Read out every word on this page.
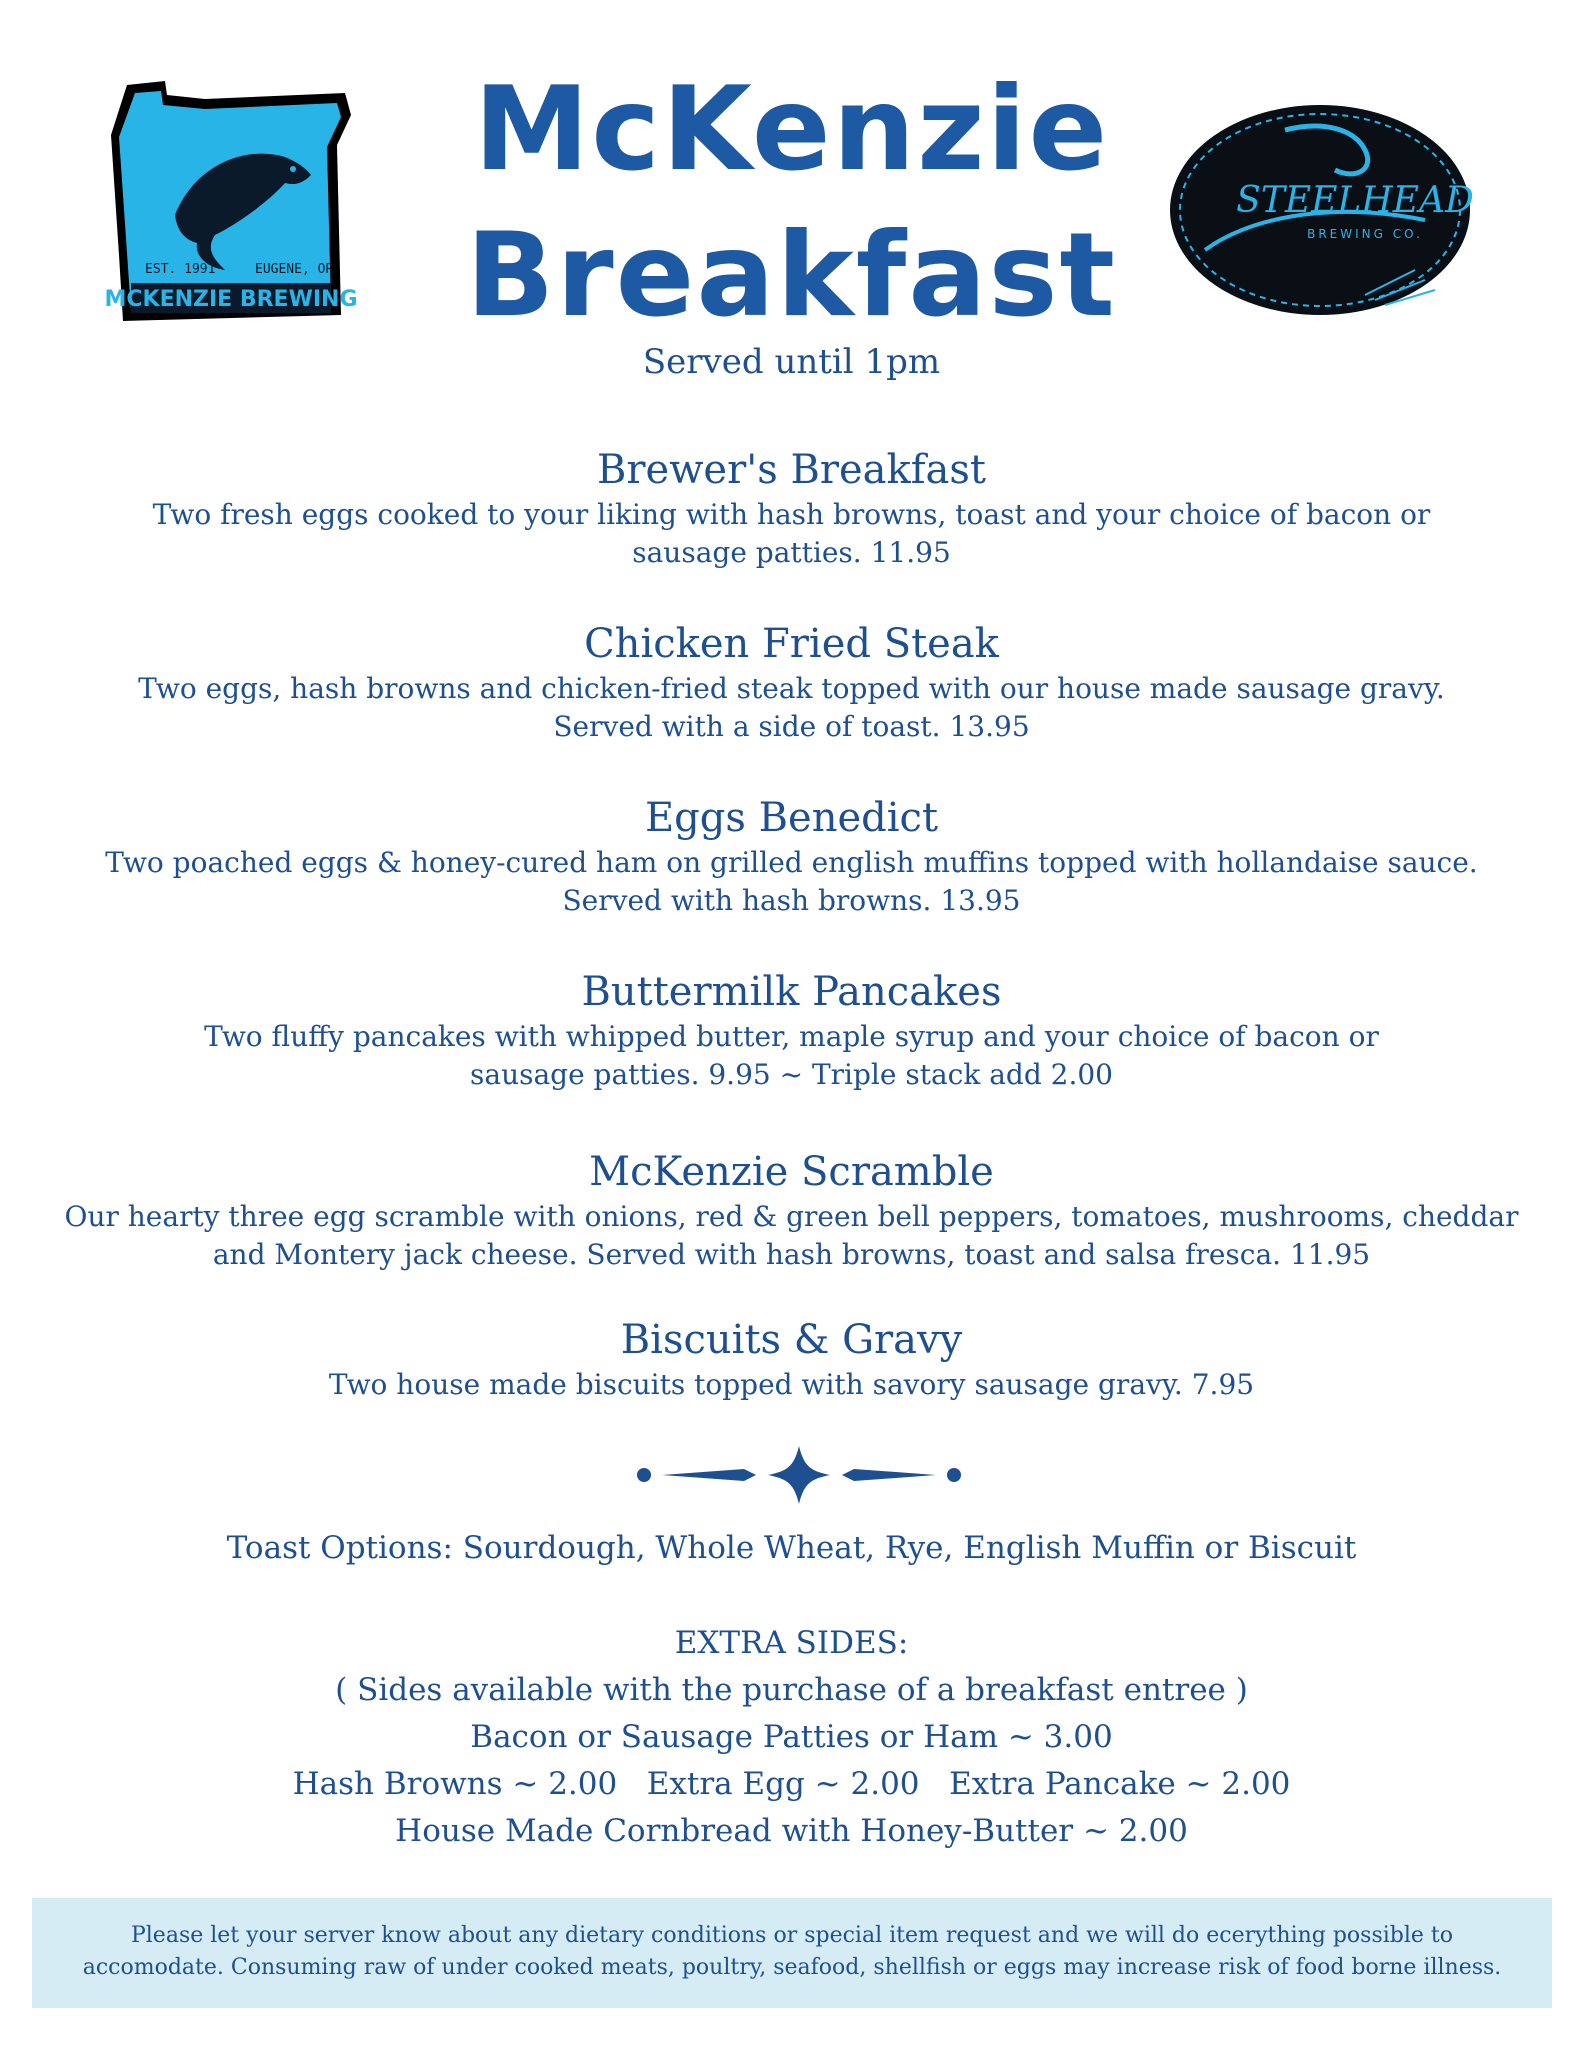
EST. 1991	EUGENE, OR
MCKENZIE BREWING
STEELHEAD
BREWING CO.
McKenzie
Breakfast
Served until 1pm
Brewer's Breakfast
Two fresh eggs cooked to your liking with hash browns, toast and your choice of bacon or
sausage patties. 11.95
Chicken Fried Steak
Two eggs, hash browns and chicken-fried steak topped with our house made sausage gravy.
Served with a side of toast. 13.95
Eggs Benedict
Two poached eggs & honey-cured ham on grilled english muffins topped with hollandaise sauce.
Served with hash browns. 13.95
Buttermilk Pancakes
Two fluffy pancakes with whipped butter, maple syrup and your choice of bacon or
sausage patties. 9.95 ~ Triple stack add 2.00
McKenzie Scramble
Our hearty three egg scramble with onions, red & green bell peppers, tomatoes, mushrooms, cheddar
and Montery jack cheese. Served with hash browns, toast and salsa fresca. 11.95
Biscuits & Gravy
Two house made biscuits topped with savory sausage gravy. 7.95
Toast Options: Sourdough, Whole Wheat, Rye, English Muffin or Biscuit
EXTRA SIDES:
( Sides available with the purchase of a breakfast entree )
Bacon or Sausage Patties or Ham ~ 3.00
Hash Browns ~ 2.00   Extra Egg ~ 2.00   Extra Pancake ~ 2.00
House Made Cornbread with Honey-Butter ~ 2.00
Please let your server know about any dietary conditions or special item request and we will do ecerything possible to
accomodate. Consuming raw of under cooked meats, poultry, seafood, shellfish or eggs may increase risk of food borne illness.
